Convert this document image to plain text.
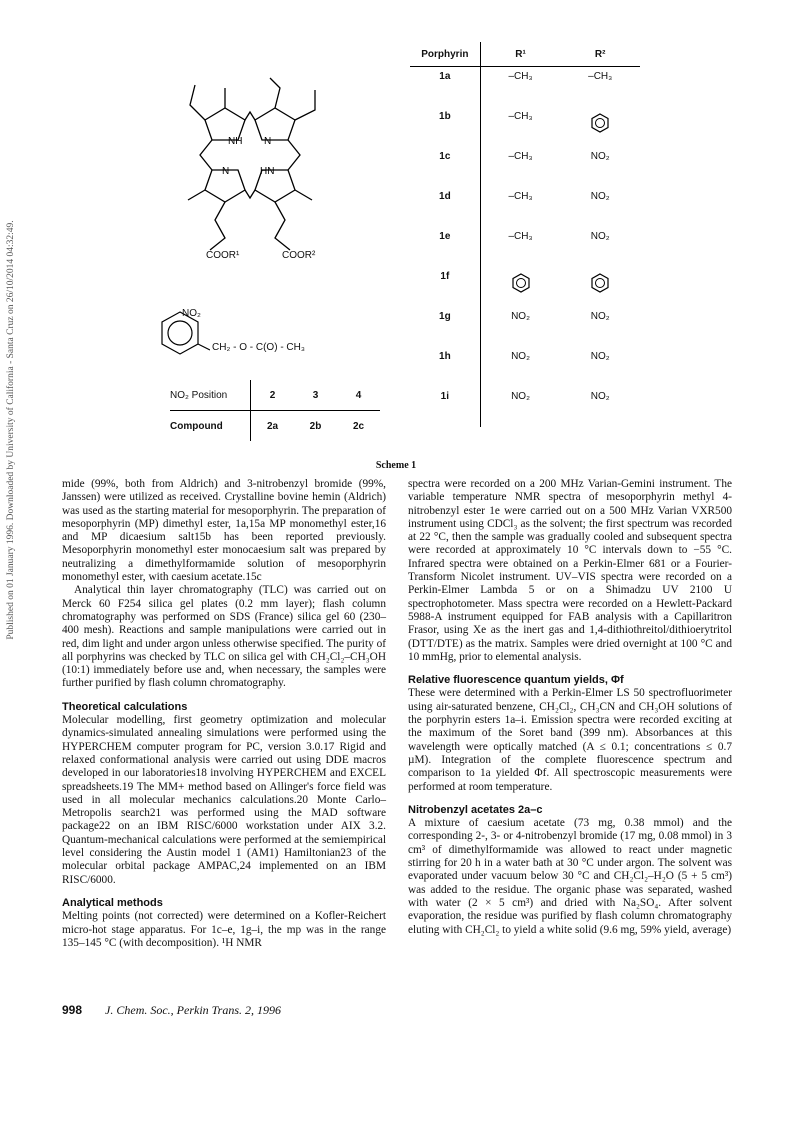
Published on 01 January 1996. Downloaded by University of California - Santa Cruz on 26/10/2014 04:32:49.
NH N
N	HN
COOR¹	COOR²
NO₂
CH₂ - O - C(O) - CH₃
NO₂ Position	2	3	4
Compound	2a	2b	2c
Porphyrin	R¹	R²
1a	–CH₃	–CH₃
1b	–CH₃
1c	–CH₃	NO₂
1d	–CH₃	NO₂
1e	–CH₃	NO₂
1f
1g	NO₂	NO₂
1h	NO₂	NO₂
1i	NO₂	NO₂
Scheme 1

mide (99%, both from Aldrich) and 3-nitrobenzyl bromide (99%, Janssen) were utilized as received. Crystalline bovine hemin (Aldrich) was used as the starting material for mesoporphyrin. The preparation of mesoporphyrin (MP) dimethyl ester, 1a,15a MP monomethyl ester,16 and MP dicaesium salt15b has been reported previously. Mesoporphyrin monomethyl ester monocaesium salt was prepared by neutralizing a dimethylformamide solution of mesoporphyrin monomethyl ester, with caesium acetate.15c

Analytical thin layer chromatography (TLC) was carried out on Merck 60 F254 silica gel plates (0.2 mm layer); flash column chromatography was performed on SDS (France) silica gel 60 (230–400 mesh). Reactions and sample manipulations were carried out in red, dim light and under argon unless otherwise specified. The purity of all porphyrins was checked by TLC on silica gel with CH₂Cl₂–CH₃OH (10:1) immediately before use and, when necessary, the samples were further purified by flash column chromatography.

Theoretical calculations

Molecular modelling, first geometry optimization and molecular dynamics-simulated annealing simulations were performed using the HYPERCHEM computer program for PC, version 3.0.17 Rigid and relaxed conformational analysis were carried out using DDE macros developed in our laboratories18 involving HYPERCHEM and EXCEL spreadsheets.19 The MM+ method based on Allinger's force field was used in all molecular mechanics calculations.20 Monte Carlo–Metropolis search21 was performed using the MAD software package22 on an IBM RISC/6000 workstation under AIX 3.2. Quantum-mechanical calculations were performed at the semiempirical level considering the Austin model 1 (AM1) Hamiltonian23 of the molecular orbital package AMPAC,24 implemented on an IBM RISC/6000.

Analytical methods

Melting points (not corrected) were determined on a Kofler-Reichert micro-hot stage apparatus. For 1c–e, 1g–i, the mp was in the range 135–145 °C (with decomposition). ¹H NMR

spectra were recorded on a 200 MHz Varian-Gemini instrument. The variable temperature NMR spectra of mesoporphyrin methyl 4-nitrobenzyl ester 1e were carried out on a 500 MHz Varian VXR500 instrument using CDCl₃ as the solvent; the first spectrum was recorded at 22 °C, then the sample was gradually cooled and subsequent spectra were recorded at approximately 10 °C intervals down to −55 °C. Infrared spectra were obtained on a Perkin-Elmer 681 or a Fourier-Transform Nicolet instrument. UV–VIS spectra were recorded on a Perkin-Elmer Lambda 5 or on a Shimadzu UV 2100 U spectrophotometer. Mass spectra were recorded on a Hewlett-Packard 5988-A instrument equipped for FAB analysis with a Capillaritron Frasor, using Xe as the inert gas and 1,4-dithiothreitol/dithioerytritol (DTT/DTE) as the matrix. Samples were dried overnight at 100 °C and 10 mmHg, prior to elemental analysis.

Relative fluorescence quantum yields, Φf

These were determined with a Perkin-Elmer LS 50 spectrofluorimeter using air-saturated benzene, CH₂Cl₂, CH₃CN and CH₃OH solutions of the porphyrin esters 1a–i. Emission spectra were recorded exciting at the maximum of the Soret band (399 nm). Absorbances at this wavelength were optically matched (A ≤ 0.1; concentrations ≤ 0.7 µM). Integration of the complete fluorescence spectrum and comparison to 1a yielded Φf. All spectroscopic measurements were performed at room temperature.

Nitrobenzyl acetates 2a–c

A mixture of caesium acetate (73 mg, 0.38 mmol) and the corresponding 2-, 3- or 4-nitrobenzyl bromide (17 mg, 0.08 mmol) in 3 cm³ of dimethylformamide was allowed to react under magnetic stirring for 20 h in a water bath at 30 °C under argon. The solvent was evaporated under vacuum below 30 °C and CH₂Cl₂–H₂O (5 + 5 cm³) was added to the residue. The organic phase was separated, washed with water (2 × 5 cm³) and dried with Na₂SO₄. After solvent evaporation, the residue was purified by flash column chromatography eluting with CH₂Cl₂ to yield a white solid (9.6 mg, 59% yield, average)

998 J. Chem. Soc., Perkin Trans. 2, 1996
